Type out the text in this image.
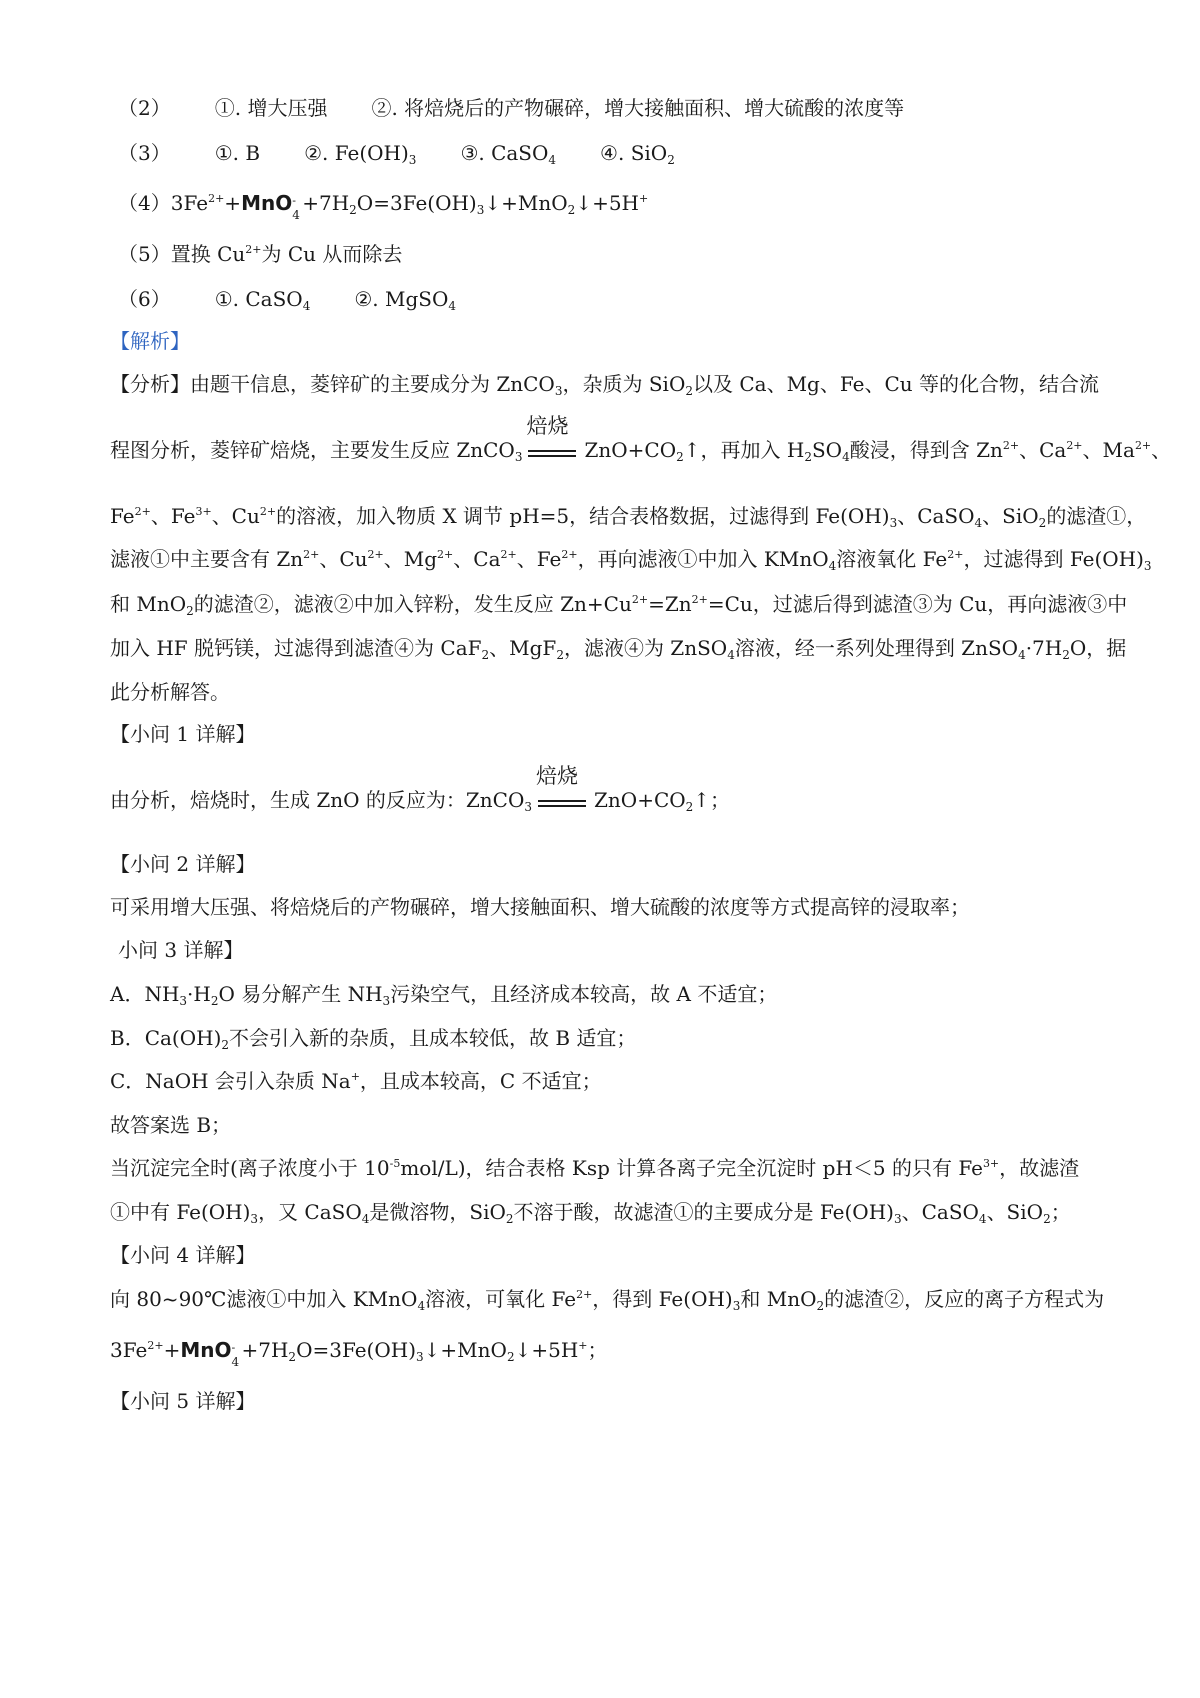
（2） ①. 增大压强 ②. 将焙烧后的产物碾碎，增大接触面积、增大硫酸的浓度等
（3） ①. B ②. $Fe(OH)_3$ ③. CaSO$_4$ ④. SiO$_2$
$(4)3Fe^{2+}+MnO$ -
$4 +7H_2O=3Fe(OH)_3↓+MnO_2↓+5H^+$
（5）置换 $Cu^{2+}$为 Cu 从而除去
（6） ①. CaSO$_4$ ②. MgSO$_4$
【解析】
【分析】由题干信息，菱锌矿的主要成分为 ZnCO$_3$，杂质为 SiO$_2$以及 Ca、Mg、Fe、Cu 等的化合物，结合流
程图分析，菱锌矿焙烧，主要发生反应 ZnCO$_3$
焙烧
$ZnO+CO_2↑$，再加入 $H_2SO_4$酸浸，得到含 $Zn^{2+}$、$Ca^{2+}$、$Ma^{2+}$、
$Fe^{2+}$、$Fe^{3+}$、$Cu^{2+}$的溶液，加入物质 X 调节 pH=5，结合表格数据，过滤得到 $Fe(OH)_3$、CaSO$_4$、SiO$_2$的滤渣①，
滤液①中主要含有 $Zn^{2+}$、$Cu^{2+}$、$Mg^{2+}$、$Ca^{2+}$、$Fe^{2+}$，再向滤液①中加入 KMnO$_4$溶液氧化 $Fe^{2+}$，过滤得到 $Fe(OH)_3$
和 MnO$_2$的滤渣②，滤液②中加入锌粉，发生反应 $Zn+Cu^{2+}=Zn^{2+}=Cu$，过滤后得到滤渣③为 Cu，再向滤液③中
加入 HF 脱钙镁，过滤得到滤渣④为 CaF$_2$、MgF$_2$，滤液④为 ZnSO$_4$溶液，经一系列处理得到 $ZnSO_4\cdot 7H_2O$，据
此分析解答。
【小问 1 详解】
由分析，焙烧时，生成 ZnO 的反应为：ZnCO$_3$
焙烧
$ZnO+CO_2↑$；
【小问 2 详解】
可采用增大压强、将焙烧后的产物碾碎，增大接触面积、增大硫酸的浓度等方式提高锌的浸取率；
小问 3 详解】
A．$NH_3\cdot H_2O$ 易分解产生 $NH_3$污染空气，且经济成本较高，故 A 不适宜；
B．$Ca(OH)_2$不会引入新的杂质，且成本较低，故 B 适宜；
C．NaOH 会引入杂质 Na+，且成本较高，C 不适宜；
故答案选 B；
当沉淀完全时(离子浓度小于 $10^{-5}mol/L$)，结合表格 Ksp 计算各离子完全沉淀时 pH＜5 的只有 $Fe^{3+}$，故滤渣
①中有 $Fe(OH)_3$，又 CaSO$_4$是微溶物，SiO$_2$不溶于酸，故滤渣①的主要成分是 $Fe(OH)_3$、CaSO$_4$、SiO$_2$；
【小问 4 详解】
向 80~90℃滤液①中加入 KMnO$_4$溶液，可氧化 $Fe^{2+}$，得到 $Fe(OH)_3$和 MnO$_2$的滤渣②，反应的离子方程式为
$3Fe^{2+}+MnO$ -
$4 +7H_2O=3Fe(OH)_3↓+MnO_2↓+5H^+$；
【小问 5 详解】
